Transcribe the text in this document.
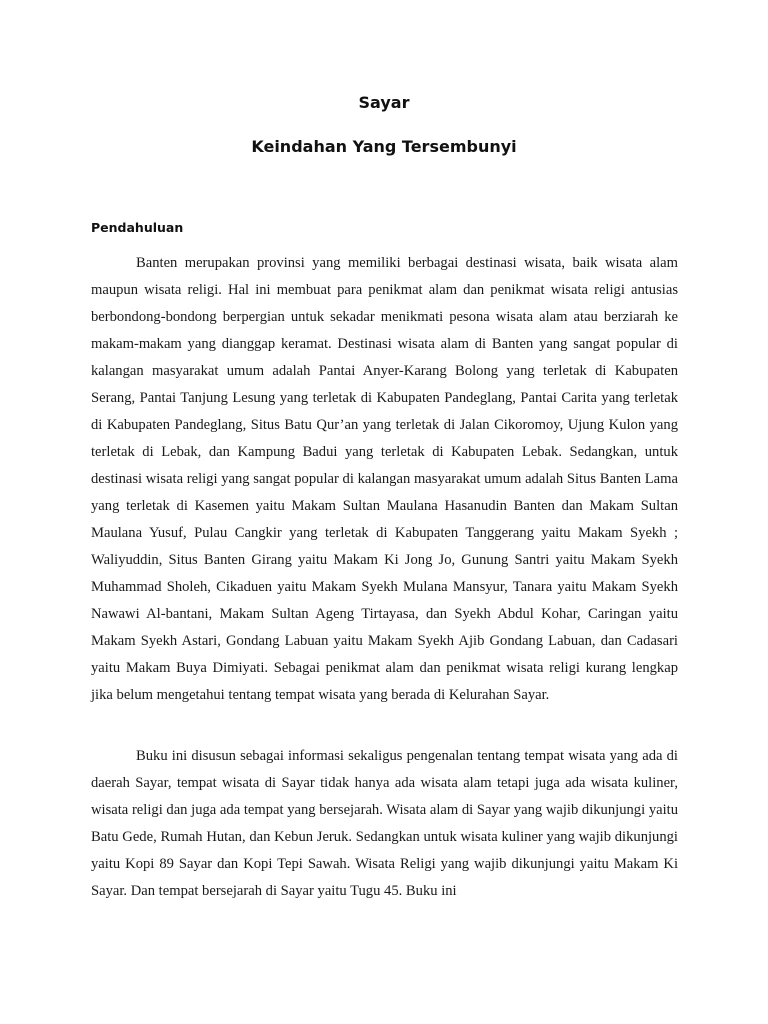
Sayar
Keindahan Yang Tersembunyi
Pendahuluan

Banten merupakan provinsi yang memiliki berbagai destinasi wisata, baik wisata alam maupun wisata religi. Hal ini membuat para penikmat alam dan penikmat wisata religi antusias berbondong-bondong berpergian untuk sekadar menikmati pesona wisata alam atau berziarah ke makam-makam yang dianggap keramat. Destinasi wisata alam di Banten yang sangat popular di kalangan masyarakat umum adalah Pantai Anyer-Karang Bolong yang terletak di Kabupaten Serang, Pantai Tanjung Lesung yang terletak di Kabupaten Pandeglang, Pantai Carita yang terletak di Kabupaten Pandeglang, Situs Batu Qur’an yang terletak di Jalan Cikoromoy, Ujung Kulon yang terletak di Lebak, dan Kampung Badui yang terletak di Kabupaten Lebak. Sedangkan, untuk destinasi wisata religi yang sangat popular di kalangan masyarakat umum adalah Situs Banten Lama yang terletak di Kasemen yaitu Makam Sultan Maulana Hasanudin Banten dan Makam Sultan Maulana Yusuf, Pulau Cangkir yang terletak di Kabupaten Tanggerang yaitu Makam Syekh ; Waliyuddin, Situs Banten Girang yaitu Makam Ki Jong Jo, Gunung Santri yaitu Makam Syekh Muhammad Sholeh, Cikaduen yaitu Makam Syekh Mulana Mansyur, Tanara yaitu Makam Syekh Nawawi Al-bantani, Makam Sultan Ageng Tirtayasa, dan Syekh Abdul Kohar, Caringan yaitu Makam Syekh Astari, Gondang Labuan yaitu Makam Syekh Ajib Gondang Labuan, dan Cadasari yaitu Makam Buya Dimiyati. Sebagai penikmat alam dan penikmat wisata religi kurang lengkap jika belum mengetahui tentang tempat wisata yang berada di Kelurahan Sayar.

Buku ini disusun sebagai informasi sekaligus pengenalan tentang tempat wisata yang ada di daerah Sayar, tempat wisata di Sayar tidak hanya ada wisata alam tetapi juga ada wisata kuliner, wisata religi dan juga ada tempat yang bersejarah. Wisata alam di Sayar yang wajib dikunjungi yaitu Batu Gede, Rumah Hutan, dan Kebun Jeruk. Sedangkan untuk wisata kuliner yang wajib dikunjungi yaitu Kopi 89 Sayar dan Kopi Tepi Sawah. Wisata Religi yang wajib dikunjungi yaitu Makam Ki Sayar. Dan tempat bersejarah di Sayar yaitu Tugu 45. Buku ini
